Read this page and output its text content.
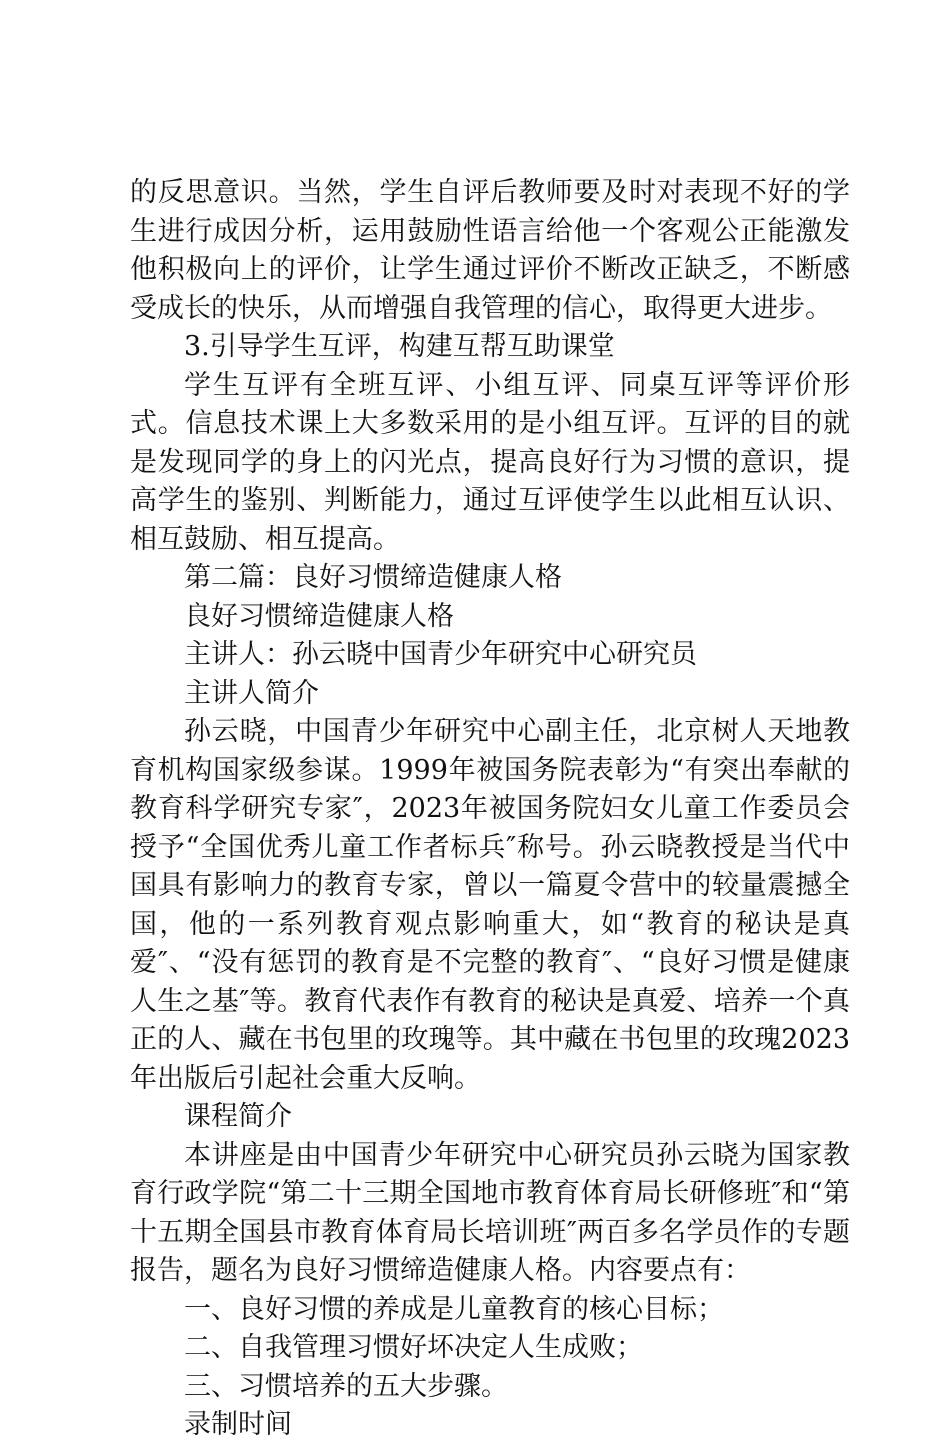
的反思意识。当然，学生自评后教师要及时对表现不好的学生进行成因分析，运用鼓励性语言给他一个客观公正能激发他积极向上的评价，让学生通过评价不断改正缺乏，不断感受成长的快乐，从而增强自我管理的信心，取得更大进步。

3.引导学生互评，构建互帮互助课堂

学生互评有全班互评、小组互评、同桌互评等评价形式。信息技术课上大多数采用的是小组互评。互评的目的就是发现同学的身上的闪光点，提高良好行为习惯的意识，提高学生的鉴别、判断能力，通过互评使学生以此相互认识、相互鼓励、相互提高。

第二篇：良好习惯缔造健康人格

良好习惯缔造健康人格

主讲人：孙云晓中国青少年研究中心研究员

主讲人简介

孙云晓，中国青少年研究中心副主任，北京树人天地教育机构国家级参谋。1999年被国务院表彰为“有突出奉献的教育科学研究专家″，2023年被国务院妇女儿童工作委员会授予“全国优秀儿童工作者标兵″称号。孙云晓教授是当代中国具有影响力的教育专家，曾以一篇夏令营中的较量震撼全国，他的一系列教育观点影响重大，如“教育的秘诀是真爱″、“没有惩罚的教育是不完整的教育″、“良好习惯是健康人生之基″等。教育代表作有教育的秘诀是真爱、培养一个真正的人、藏在书包里的玫瑰等。其中藏在书包里的玫瑰2023年出版后引起社会重大反响。

课程简介

本讲座是由中国青少年研究中心研究员孙云晓为国家教育行政学院“第二十三期全国地市教育体育局长研修班″和“第十五期全国县市教育体育局长培训班″两百多名学员作的专题报告，题名为良好习惯缔造健康人格。内容要点有：

一、良好习惯的养成是儿童教育的核心目标；

二、自我管理习惯好坏决定人生成败；

三、习惯培养的五大步骤。

录制时间
